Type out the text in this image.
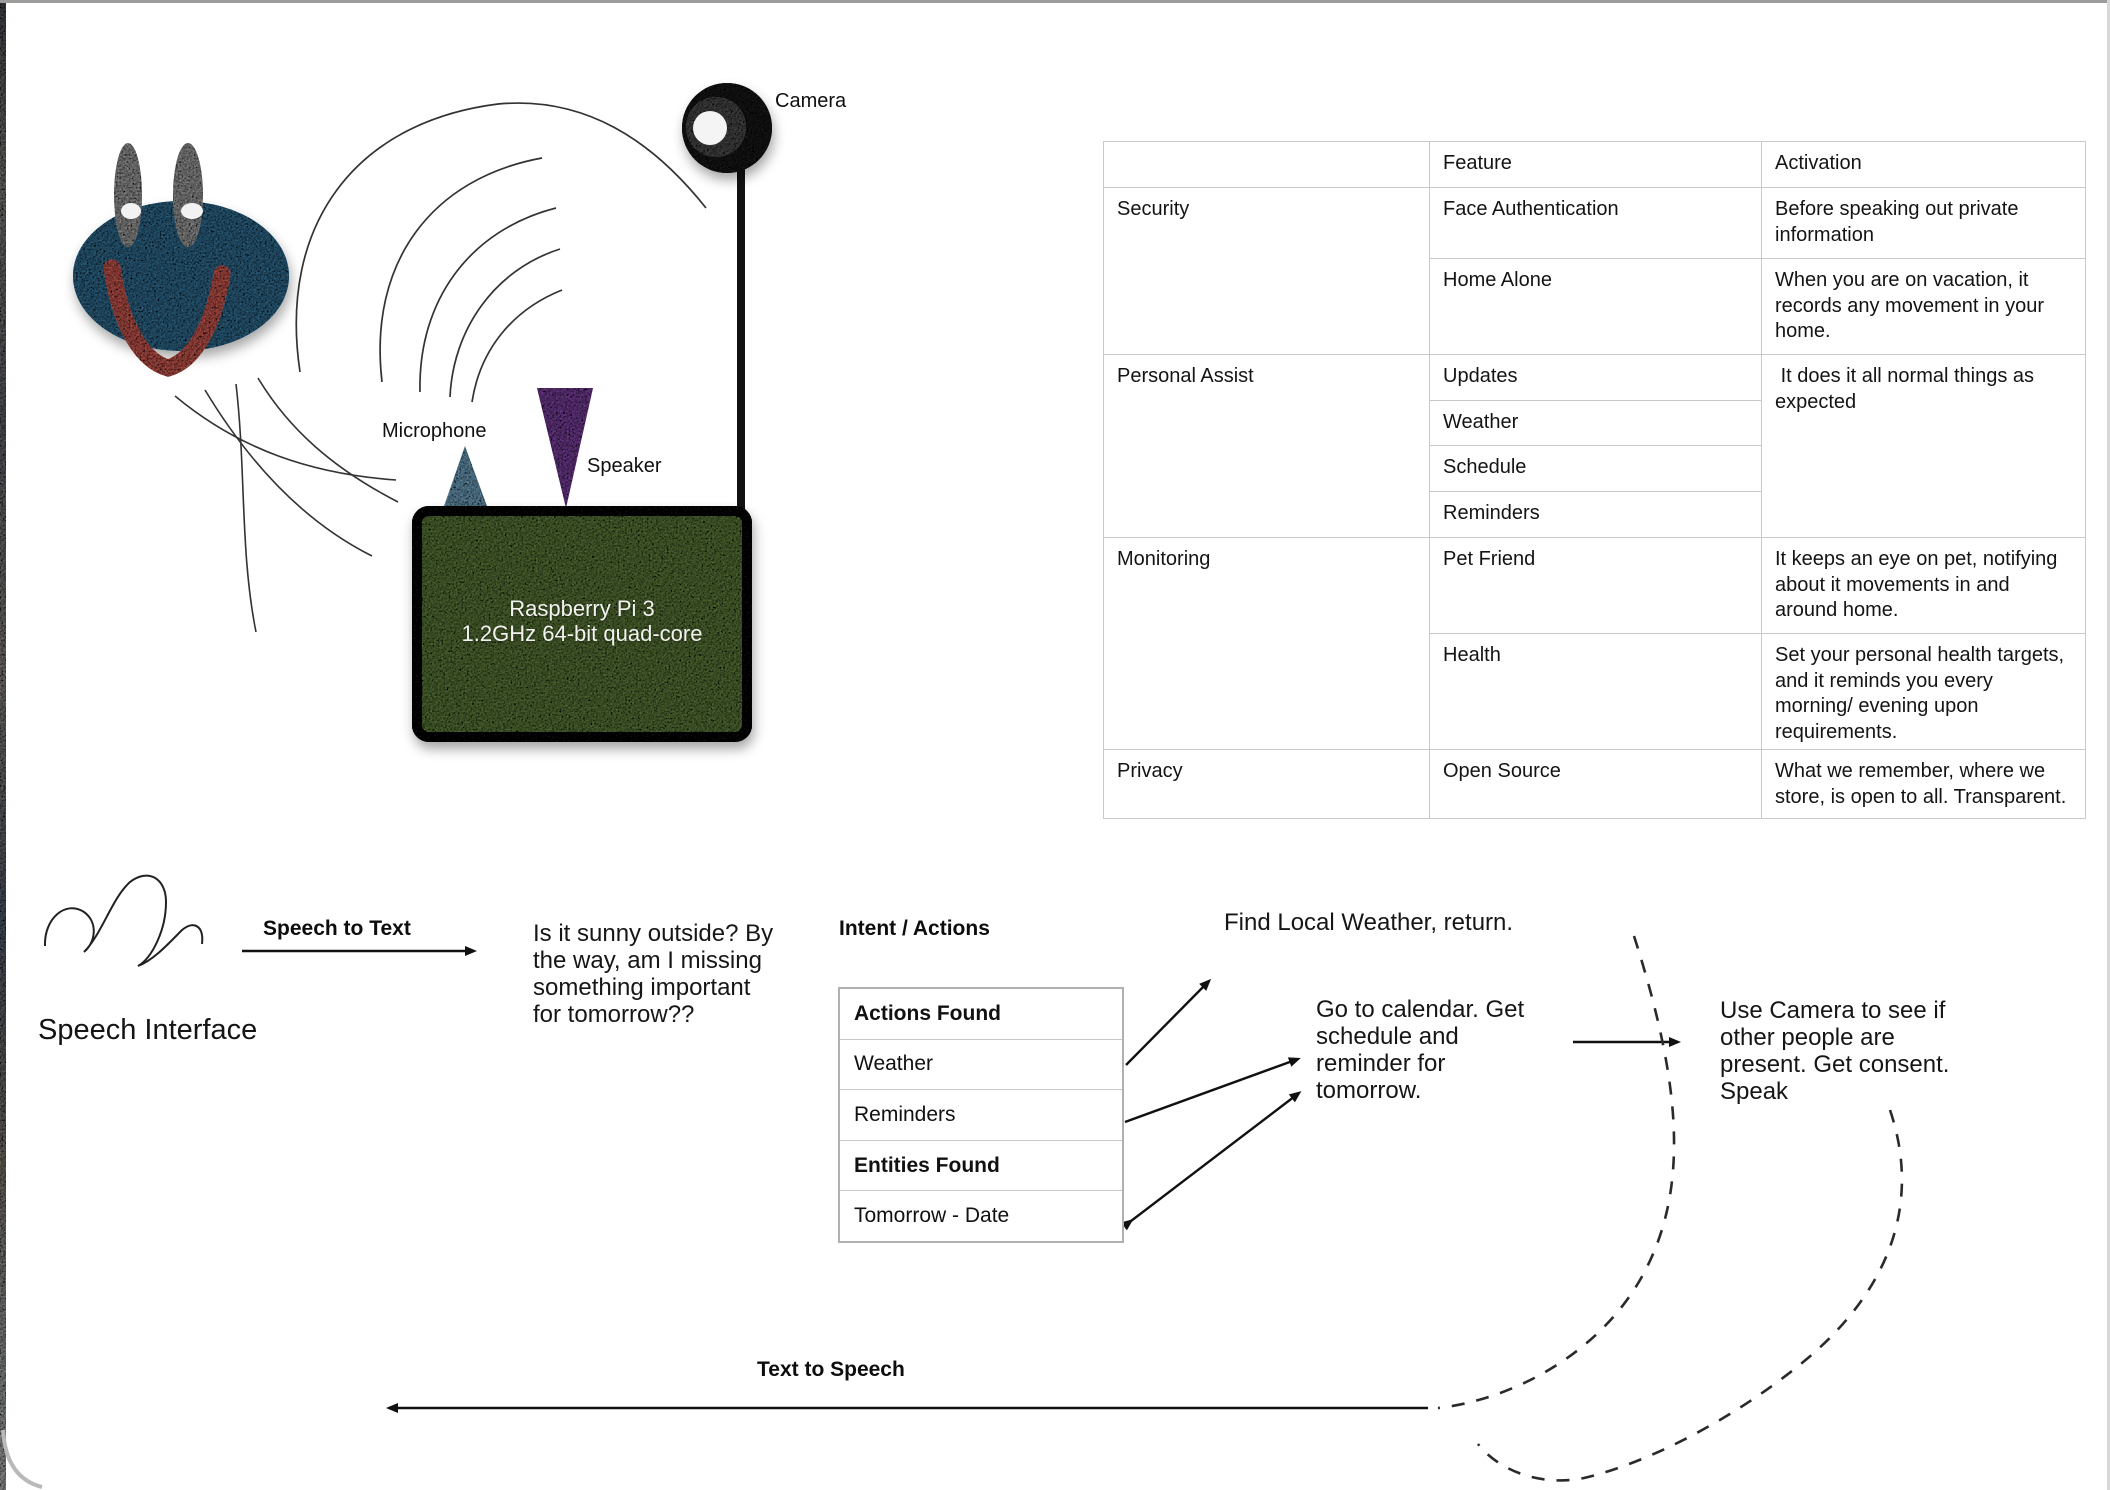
Camera
Microphone
Speaker
Raspberry Pi 3
1.2GHz 64-bit quad-core
	Feature	Activation
Security	Face Authentication	Before speaking out private information
	Home Alone	When you are on vacation, it records any movement in your home.
Personal Assist	Updates	It does it all normal things as expected
	Weather	
	Schedule	
	Reminders	
Monitoring	Pet Friend	It keeps an eye on pet, notifying about it movements in and around home.
	Health	Set your personal health targets, and it reminds you every morning/ evening upon requirements.
Privacy	Open Source	What we remember, where we store, is open to all. Transparent.
Speech Interface
Speech to Text	Is it sunny outside? By the way, am I missing something important for tomorrow??
Intent / Actions
Actions Found
Weather
Reminders
Entities Found
Tomorrow - Date
Find Local Weather, return.
Go to calendar. Get schedule and reminder for tomorrow.
Use Camera to see if other people are present. Get consent. Speak
Text to Speech
